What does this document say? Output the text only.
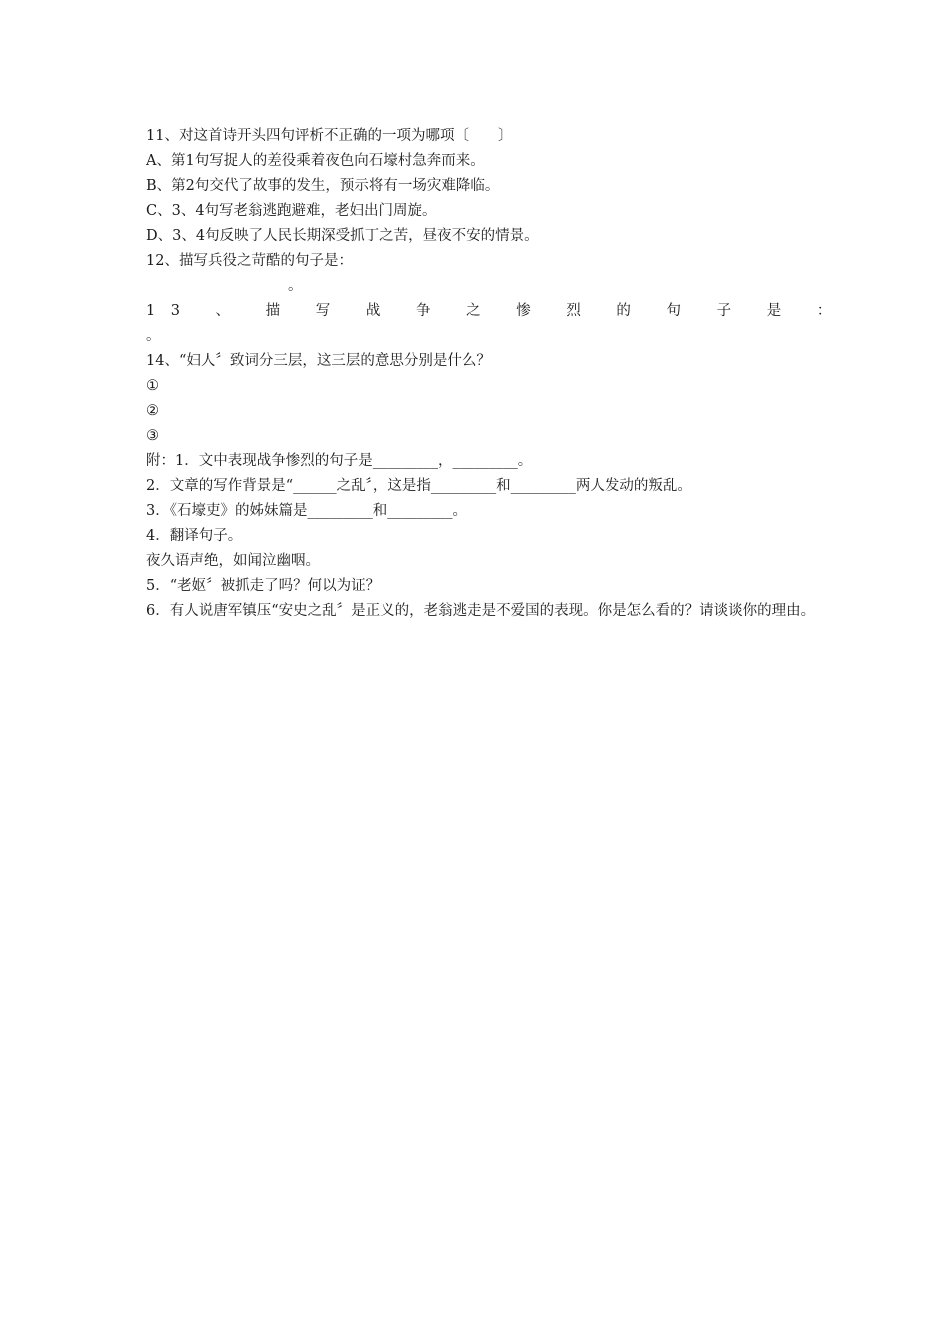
11、对这首诗开头四句评析不正确的一项为哪项〔　　〕
A、第1句写捉人的差役乘着夜色向石壕村急奔而来。
B、第2句交代了故事的发生，预示将有一场灾难降临。
C、3、4句写老翁逃跑避难，老妇出门周旋。
D、3、4句反映了人民长期深受抓丁之苦，昼夜不安的情景。
12、描写兵役之苛酷的句子是：
。
13 、 描 写 战 争 之 惨 烈 的 句 子 是 ：
。
14、“妇人〞致词分三层，这三层的意思分别是什么？
①
②
③
附：1．文中表现战争惨烈的句子是_________，_________。
2．文章的写作背景是“______之乱〞，这是指_________和_________两人发动的叛乱。
3．《石壕吏》的姊妹篇是_________和_________。
4．翻译句子。
夜久语声绝，如闻泣幽咽。
5．“老妪〞被抓走了吗？何以为证？
6．有人说唐军镇压“安史之乱〞是正义的，老翁逃走是不爱国的表现。你是怎么看的？请谈谈你的理由。
